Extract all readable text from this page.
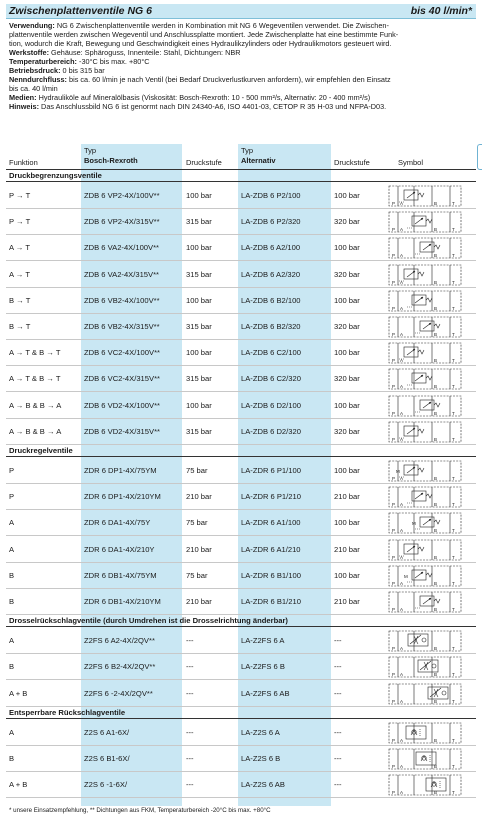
Zwischenplattenventile NG 6	bis 40 l/min*

Verwendung: NG 6 Zwischenplattenventile werden in Kombination mit NG 6 Wegeventilen verwendet. Die Zwischen-

plattenventile werden zwischen Wegeventil und Anschlussplatte montiert. Jede Zwischenplatte hat eine bestimmte Funk-

tion, wodurch die Kraft, Bewegung und Geschwindigkeit eines Hydraulikzylinders oder Hydraulikmotors gesteuert wird.

Werkstoffe: Gehäuse: Sphäroguss, Innenteile: Stahl, Dichtungen: NBR

Temperaturbereich: -30°C bis max. +80°C

Betriebsdruck: 0 bis 315 bar

Nenndurchfluss: bis ca. 60 l/min je nach Ventil (bei Bedarf Druckverlustkurven anfordern), wir empfehlen den Einsatz

bis ca. 40 l/min

Medien: Hydrauliköle auf Mineralölbasis (Viskosität: Bosch-Rexroth: 10 - 500 mm²/s, Alternativ: 20 - 400 mm²/s)

Hinweis: Das Anschlussbild NG 6 ist genormt nach DIN 24340-A6, ISO 4401-03, CETOP R 35 H-03 und NFPA-D03.

Typ
Bosch-Rexroth
Typ
Alternativ
Funktion	Druckstufe	Druckstufe	Symbol
Druckbegrenzungsventile
P → T	ZDB 6 VP2-4X/100V**	100 bar	LA-ZDB 6 P2/100	100 bar
P A	B	T
P → T	ZDB 6 VP2-4X/315V**	315 bar	LA-ZDB 6 P2/320	320 bar
P A	B	T
A → T	ZDB 6 VA2-4X/100V**	100 bar	LA-ZDB 6 A2/100	100 bar
P A	B	T
A → T	ZDB 6 VA2-4X/315V**	315 bar	LA-ZDB 6 A2/320	320 bar
P A	B	T
B → T	ZDB 6 VB2-4X/100V**	100 bar	LA-ZDB 6 B2/100	100 bar
P A	B	T
B → T	ZDB 6 VB2-4X/315V**	315 bar	LA-ZDB 6 B2/320	320 bar
P A	B	T
A → T & B → T	ZDB 6 VC2-4X/100V**	100 bar	LA-ZDB 6 C2/100	100 bar
P A	B	T
A → T & B → T	ZDB 6 VC2-4X/315V**	315 bar	LA-ZDB 6 C2/320	320 bar
P A	B	T
A → B & B → A	ZDB 6 VD2-4X/100V**	100 bar	LA-ZDB 6 D2/100	100 bar
P A	B	T
A → B & B → A	ZDB 6 VD2-4X/315V**	315 bar	LA-ZDB 6 D2/320	320 bar
P A	B	T
Druckregelventile
P	ZDR 6 DP1-4X/75YM	75 bar	LA-ZDR 6 P1/100	100 bar	M
P A	B	T
P	ZDR 6 DP1-4X/210YM	210 bar	LA-ZDR 6 P1/210	210 bar
P A	B	T
A	ZDR 6 DA1-4X/75Y	75 bar	LA-ZDR 6 A1/100	100 bar	M
P A	B	T
A	ZDR 6 DA1-4X/210Y	210 bar	LA-ZDR 6 A1/210	210 bar
P A	B	T
B	ZDR 6 DB1-4X/75YM	75 bar	LA-ZDR 6 B1/100	100 bar	M
P A	B	T
B	ZDR 6 DB1-4X/210YM	210 bar	LA-ZDR 6 B1/210	210 bar
P A	B	T
Drosselrückschlagventile (durch Umdrehen ist die Drosselrichtung änderbar)
A	Z2FS 6 A2-4X/2QV**	---	LA-Z2FS 6 A	---
P A	B	T
B	Z2FS 6 B2-4X/2QV**	---	LA-Z2FS 6 B	---
P A	B	T
A + B	Z2FS 6 -2-4X/2QV**	---	LA-Z2FS 6 AB	---
P A	B	T
Entsperrbare Rückschlagventile
A	Z2S 6 A1-6X/	---	LA-Z2S 6 A	---
P A	B	T
B	Z2S 6 B1-6X/	---	LA-Z2S 6 B	---
P A	B	T
A + B	Z2S 6 -1-6X/	---	LA-Z2S 6 AB	---
P A	B	T
* unsere Einsatzempfehlung, ** Dichtungen aus FKM, Temperaturbereich -20°C bis max. +80°C
